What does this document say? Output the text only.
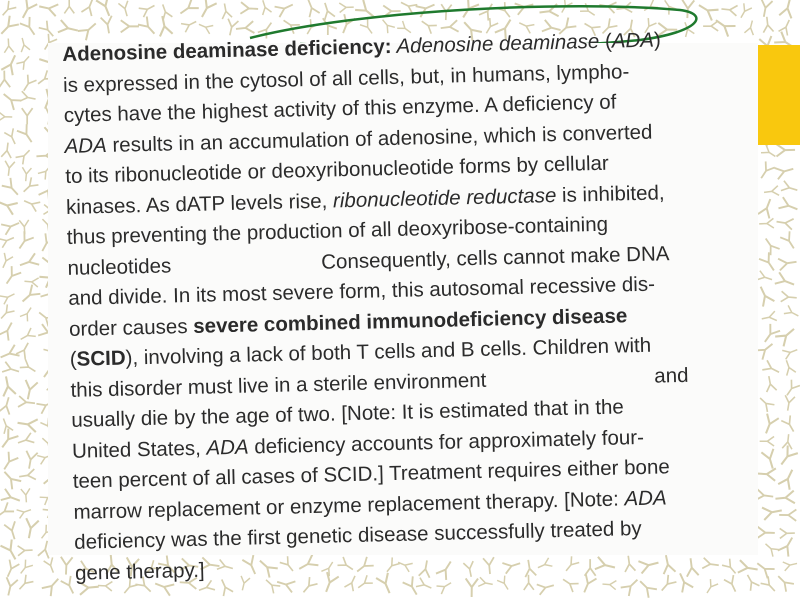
Adenosine deaminase deficiency: Adenosine deaminase ( ADA )
is expressed in the cytosol of all cells, but, in humans, lympho-
cytes have the highest activity of this enzyme. A deficiency of
ADA results in an accumulation of adenosine, which is converted
to its ribonucleotide or deoxyribonucleotide forms by cellular
kinases. As dATP levels rise, ribonucleotide reductase is inhibited,
thus preventing the production of all deoxyribose-containing
nucleotides	Consequently, cells cannot make DNA
and divide. In its most severe form, this autosomal recessive dis-
order causes severe combined immunodeficiency disease
( SCID ), involving a lack of both T cells and B cells. Children with
this disorder must live in a sterile environment	and
usually die by the age of two. [Note: It is estimated that in the
United States, ADA deficiency accounts for approximately four-
teen percent of all cases of SCID.] Treatment requires either bone
marrow replacement or enzyme replacement therapy. [Note: ADA
deficiency was the first genetic disease successfully treated by
gene therapy.]
